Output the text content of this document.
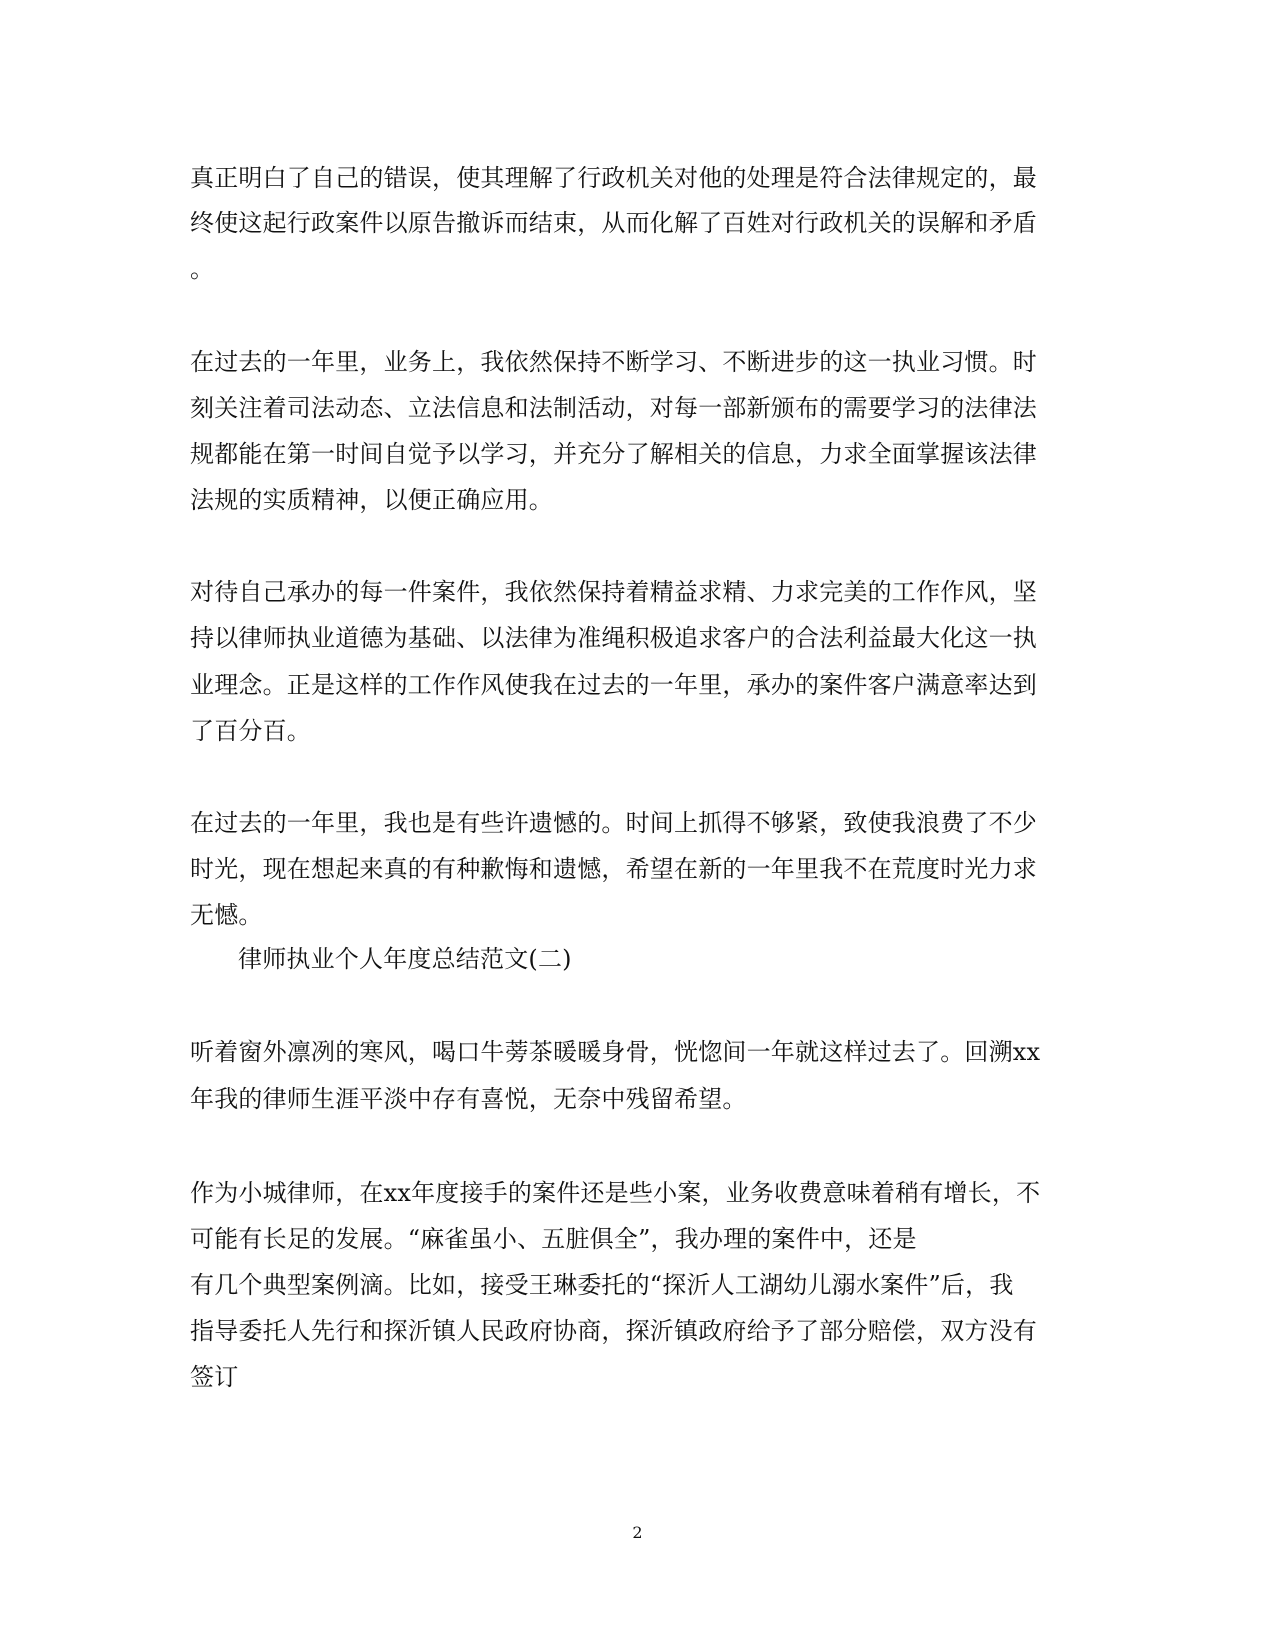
真正明白了自己的错误，使其理解了行政机关对他的处理是符合法律规定的，最
终使这起行政案件以原告撤诉而结束，从而化解了百姓对行政机关的误解和矛盾
。
在过去的一年里，业务上，我依然保持不断学习、不断进步的这一执业习惯。时
刻关注着司法动态、立法信息和法制活动，对每一部新颁布的需要学习的法律法
规都能在第一时间自觉予以学习，并充分了解相关的信息，力求全面掌握该法律
法规的实质精神，以便正确应用。
对待自己承办的每一件案件，我依然保持着精益求精、力求完美的工作作风，坚
持以律师执业道德为基础、以法律为准绳积极追求客户的合法利益最大化这一执
业理念。正是这样的工作作风使我在过去的一年里，承办的案件客户满意率达到
了百分百。
在过去的一年里，我也是有些许遗憾的。时间上抓得不够紧，致使我浪费了不少
时光，现在想起来真的有种歉悔和遗憾，希望在新的一年里我不在荒度时光力求
无憾。
律师执业个人年度总结范文(二)
听着窗外凛冽的寒风，喝口牛蒡茶暖暖身骨，恍惚间一年就这样过去了。回溯xx
年我的律师生涯平淡中存有喜悦，无奈中残留希望。
作为小城律师，在xx年度接手的案件还是些小案，业务收费意味着稍有增长，不
可能有长足的发展。“麻雀虽小、五脏俱全”，我办理的案件中，还是
有几个典型案例滴。比如，接受王琳委托的“探沂人工湖幼儿溺水案件”后，我
指导委托人先行和探沂镇人民政府协商，探沂镇政府给予了部分赔偿，双方没有
签订
2
